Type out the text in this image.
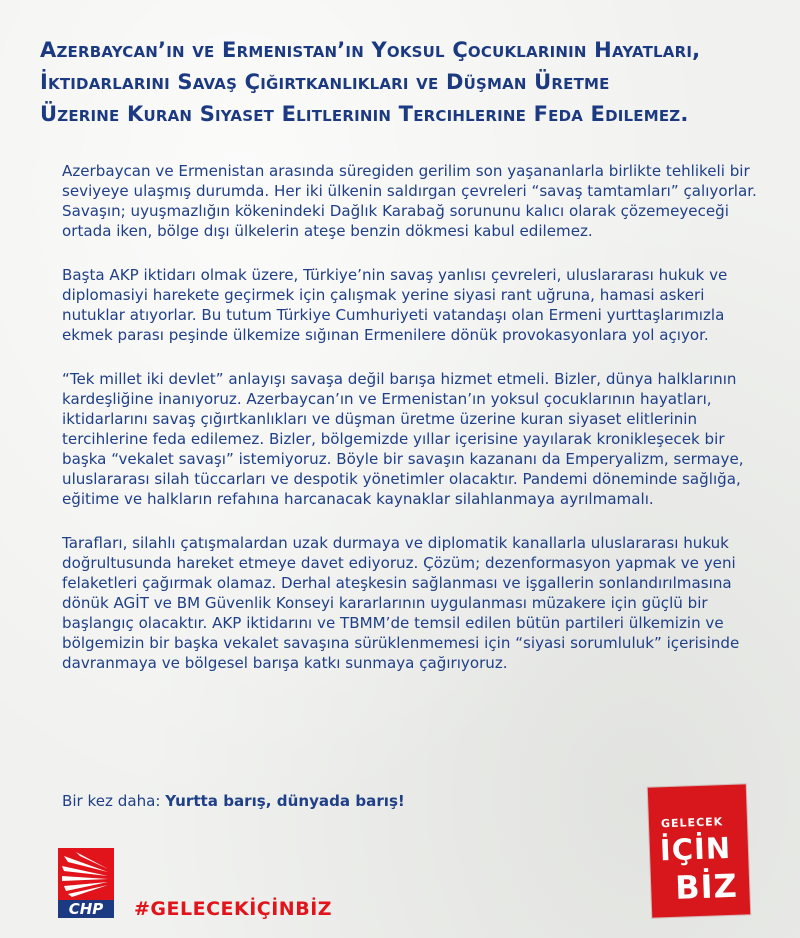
Azerbaycan’ın ve Ermenistan’ın Yoksul Çocuklarının Hayatları,
İktidarlarını Savaş Çığırtkanlıkları ve Düşman Üretme
Üzerine Kuran Siyaset Elitlerinin Tercihlerine Feda Edilemez.

Azerbaycan ve Ermenistan arasında süregiden gerilim son yaşananlarla birlikte tehlikeli bir seviyeye ulaşmış durumda. Her iki ülkenin saldırgan çevreleri “savaş tamtamları” çalıyorlar. Savaşın; uyuşmazlığın kökenindeki Dağlık Karabağ sorununu kalıcı olarak çözemeyeceği ortada iken, bölge dışı ülkelerin ateşe benzin dökmesi kabul edilemez.

Başta AKP iktidarı olmak üzere, Türkiye’nin savaş yanlısı çevreleri, uluslararası hukuk ve diplomasiyi harekete geçirmek için çalışmak yerine siyasi rant uğruna, hamasi askeri nutuklar atıyorlar. Bu tutum Türkiye Cumhuriyeti vatandaşı olan Ermeni yurttaşlarımızla ekmek parası peşinde ülkemize sığınan Ermenilere dönük provokasyonlara yol açıyor.

“Tek millet iki devlet” anlayışı savaşa değil barışa hizmet etmeli. Bizler, dünya halklarının kardeşliğine inanıyoruz. Azerbaycan’ın ve Ermenistan’ın yoksul çocuklarının hayatları, iktidarlarını savaş çığırtkanlıkları ve düşman üretme üzerine kuran siyaset elitlerinin tercihlerine feda edilemez. Bizler, bölgemizde yıllar içerisine yayılarak kronikleşecek bir başka “vekalet savaşı” istemiyoruz. Böyle bir savaşın kazananı da Emperyalizm, sermaye, uluslararası silah tüccarları ve despotik yönetimler olacaktır. Pandemi döneminde sağlığa, eğitime ve halkların refahına harcanacak kaynaklar silahlanmaya ayrılmamalı.

Tarafları, silahlı çatışmalardan uzak durmaya ve diplomatik kanallarla uluslararası hukuk doğrultusunda hareket etmeye davet ediyoruz. Çözüm; dezenformasyon yapmak ve yeni felaketleri çağırmak olamaz. Derhal ateşkesin sağlanması ve işgallerin sonlandırılmasına dönük AGİT ve BM Güvenlik Konseyi kararlarının uygulanması müzakere için güçlü bir başlangıç olacaktır. AKP iktidarını ve TBMM’de temsil edilen bütün partileri ülkemizin ve bölgemizin bir başka vekalet savaşına sürüklenmemesi için “siyasi sorumluluk” içerisinde davranmaya ve bölgesel barışa katkı sunmaya çağırıyoruz.

Bir kez daha: Yurtta barış, dünyada barış!
CHP #GELECEKİÇİNBİZ
GELECEK
İÇİN
BİZ
